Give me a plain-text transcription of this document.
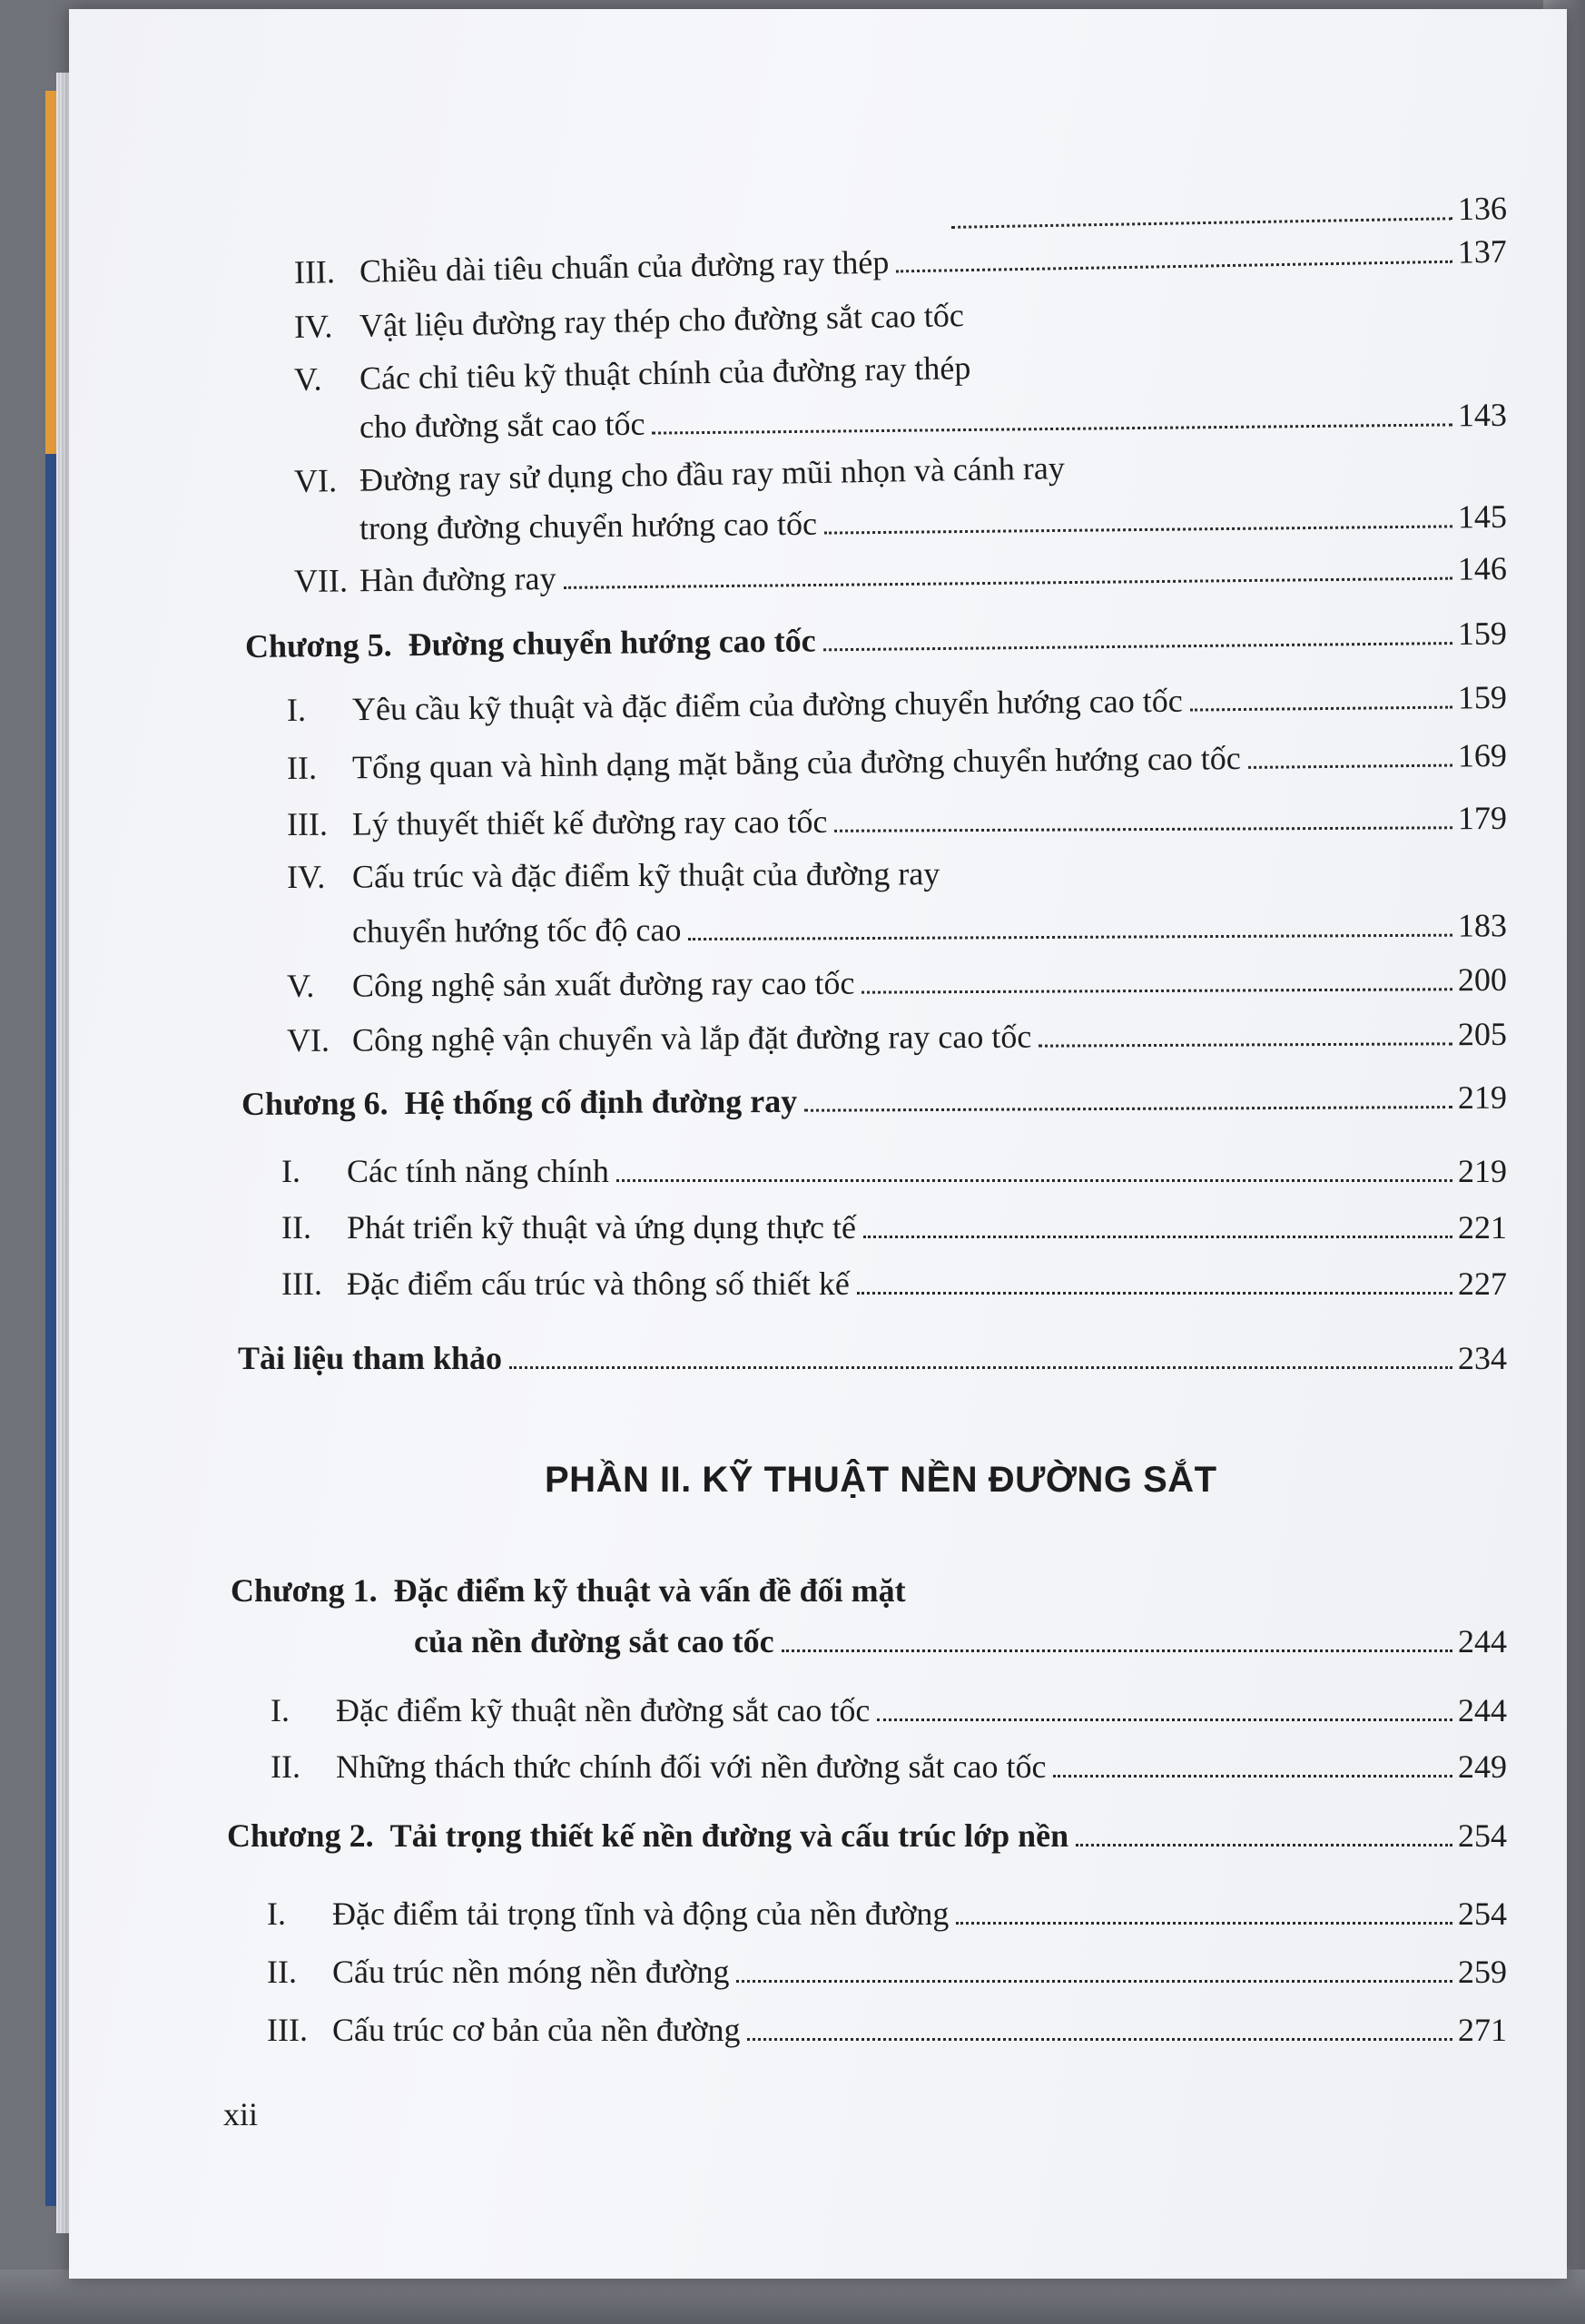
136
III. Chiều dài tiêu chuẩn của đường ray thép	137
IV. Vật liệu đường ray thép cho đường sắt cao tốc
V.	Các chỉ tiêu kỹ thuật chính của đường ray thép
cho đường sắt cao tốc	143
VI. Đường ray sử dụng cho đầu ray mũi nhọn và cánh ray
trong đường chuyển hướng cao tốc	145
VII. Hàn đường ray	146
Chương 5. Đường chuyển hướng cao tốc	159
I.	Yêu cầu kỹ thuật và đặc điểm của đường chuyển hướng cao tốc	159
II.	Tổng quan và hình dạng mặt bằng của đường chuyển hướng cao tốc	169
III. Lý thuyết thiết kế đường ray cao tốc	179
IV. Cấu trúc và đặc điểm kỹ thuật của đường ray
chuyển hướng tốc độ cao	183
V.	Công nghệ sản xuất đường ray cao tốc	200
VI. Công nghệ vận chuyển và lắp đặt đường ray cao tốc	205
Chương 6. Hệ thống cố định đường ray	219
I.	Các tính năng chính	219
II.	Phát triển kỹ thuật và ứng dụng thực tế	221
III. Đặc điểm cấu trúc và thông số thiết kế	227
Tài liệu tham khảo	234
PHẦN II. KỸ THUẬT NỀN ĐƯỜNG SẮT
Chương 1. Đặc điểm kỹ thuật và vấn đề đối mặt
của nền đường sắt cao tốc	244
I.	Đặc điểm kỹ thuật nền đường sắt cao tốc	244
II.	Những thách thức chính đối với nền đường sắt cao tốc	249
Chương 2. Tải trọng thiết kế nền đường và cấu trúc lớp nền	254
I.	Đặc điểm tải trọng tĩnh và động của nền đường	254
II.	Cấu trúc nền móng nền đường	259
III. Cấu trúc cơ bản của nền đường	271
xii
